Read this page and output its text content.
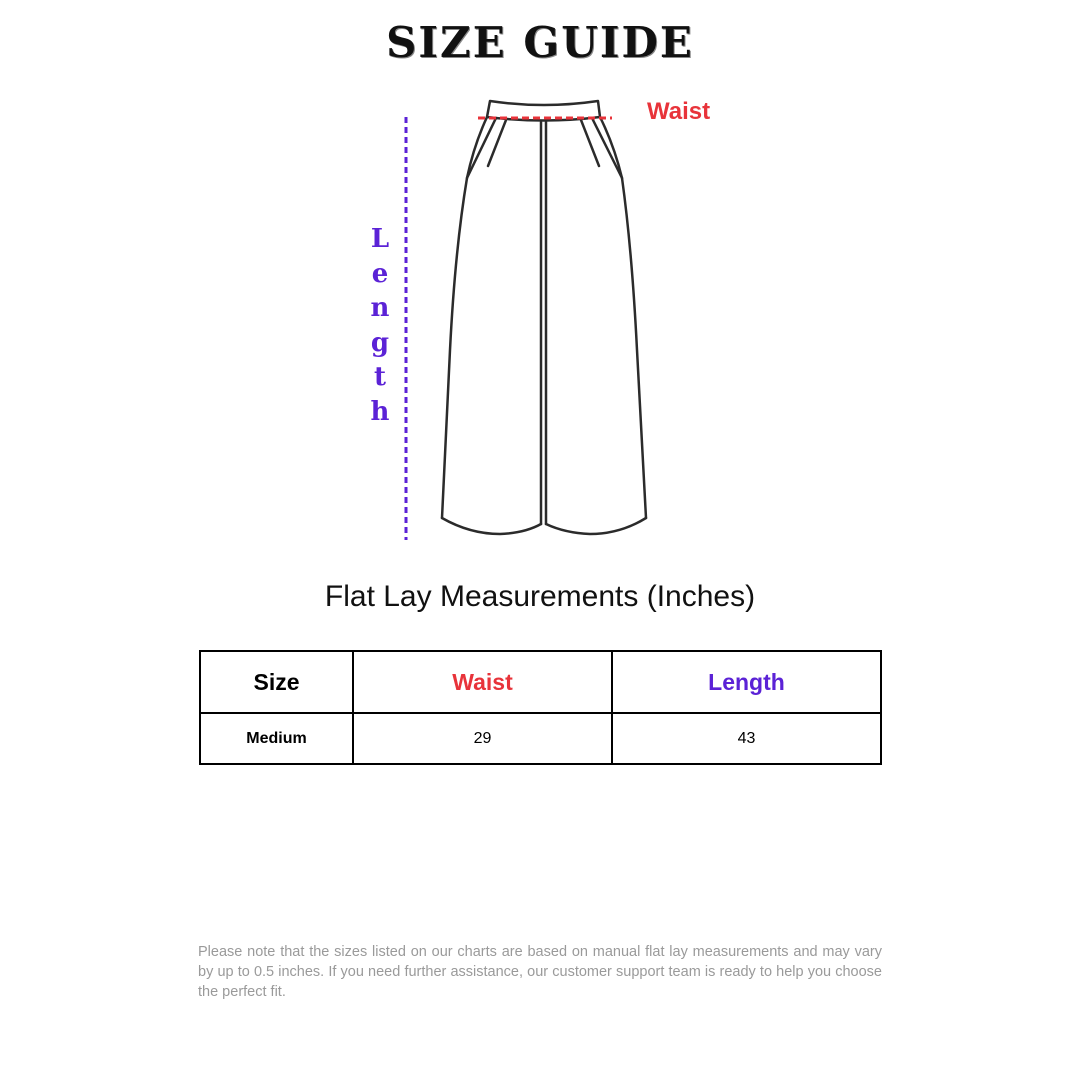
SIZE GUIDE
Waist
Length
Flat Lay Measurements (Inches)
Size	Waist	Length
Medium	29	43
Please note that the sizes listed on our charts are based on manual flat lay measurements and may vary by up to 0.5 inches. If you need further assistance, our customer support team is ready to help you choose the perfect fit.
